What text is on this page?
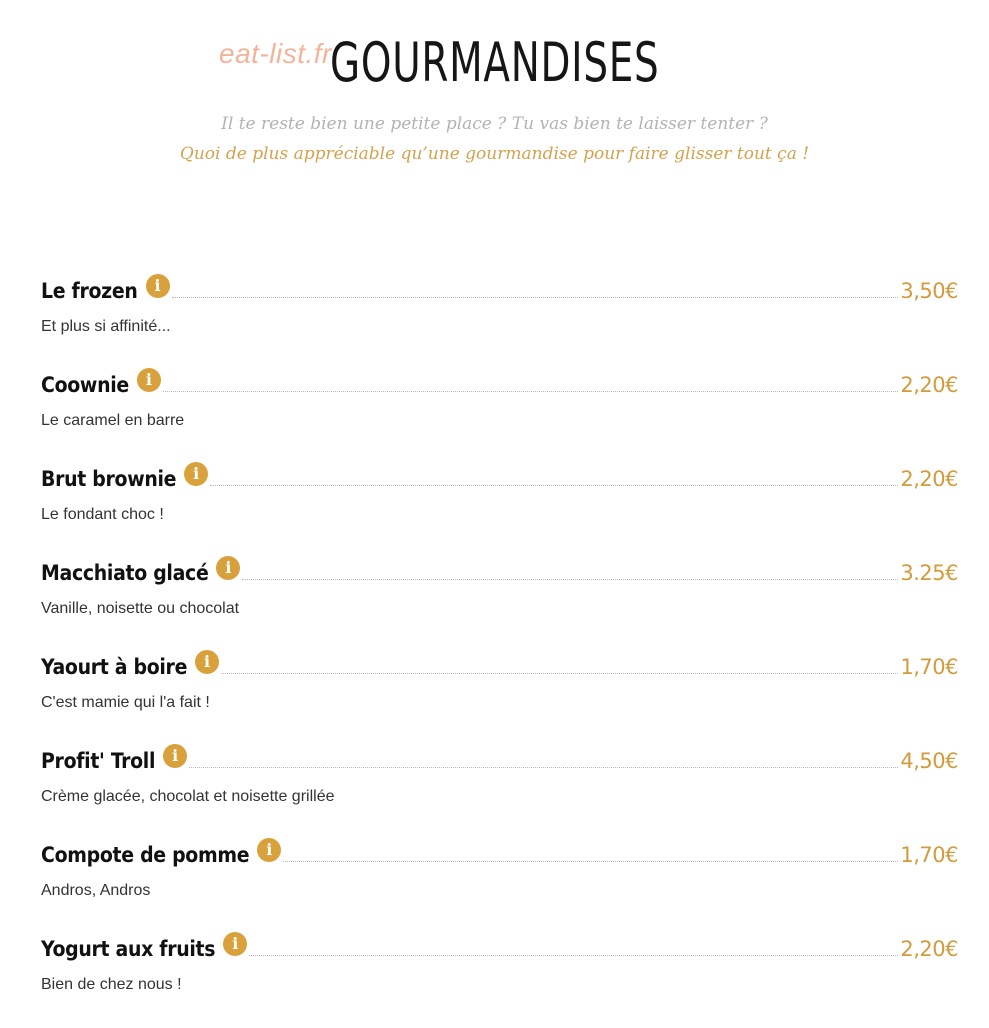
eat-list.fr
GOURMANDISES
Il te reste bien une petite place ? Tu vas bien te laisser tenter ?
Quoi de plus appréciable qu’une gourmandise pour faire glisser tout ça !
Le frozen	i	3,50€
Et plus si affinité...
Coownie	i	2,20€
Le caramel en barre
Brut brownie	i	2,20€
Le fondant choc !
Macchiato glacé	i	3.25€
Vanille, noisette ou chocolat
Yaourt à boire	i	1,70€
C'est mamie qui l'a fait !
Profit' Troll	i	4,50€
Crème glacée, chocolat et noisette grillée
Compote de pomme	i	1,70€
Andros, Andros
Yogurt aux fruits	i	2,20€
Bien de chez nous !
